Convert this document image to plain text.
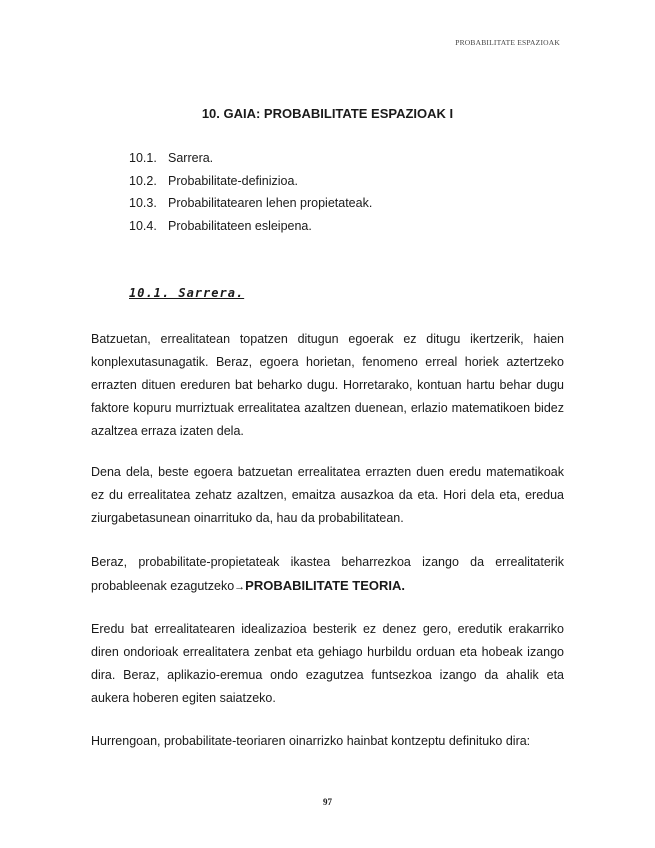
PROBABILITATE ESPAZIOAK
10. GAIA: PROBABILITATE ESPAZIOAK I
10.1. Sarrera.
10.2. Probabilitate-definizioa.
10.3. Probabilitatearen lehen propietateak.
10.4. Probabilitateen esleipena.
10.1. Sarrera.

Batzuetan, errealitatean topatzen ditugun egoerak ez ditugu ikertzerik, haien konplexutasunagatik. Beraz, egoera horietan, fenomeno erreal horiek aztertzeko errazten dituen ereduren bat beharko dugu. Horretarako, kontuan hartu behar dugu faktore kopuru murriztuak errealitatea azaltzen duenean, erlazio matematikoen bidez azaltzea erraza izaten dela.

Dena dela, beste egoera batzuetan errealitatea errazten duen eredu matematikoak ez du errealitatea zehatz azaltzen, emaitza ausazkoa da eta. Hori dela eta, eredua ziurgabetasunean oinarrituko da, hau da probabilitatean.

Beraz, probabilitate-propietateak ikastea beharrezkoa izango da errealitaterik probableenak ezagutzeko→PROBABILITATE TEORIA.

Eredu bat errealitatearen idealizazioa besterik ez denez gero, eredutik erakarriko diren ondorioak errealitatera zenbat eta gehiago hurbildu orduan eta hobeak izango dira. Beraz, aplikazio-eremua ondo ezagutzea funtsezkoa izango da ahalik eta aukera hoberen egiten saiatzeko.

Hurrengoan, probabilitate-teoriaren oinarrizko hainbat kontzeptu definituko dira:

97
